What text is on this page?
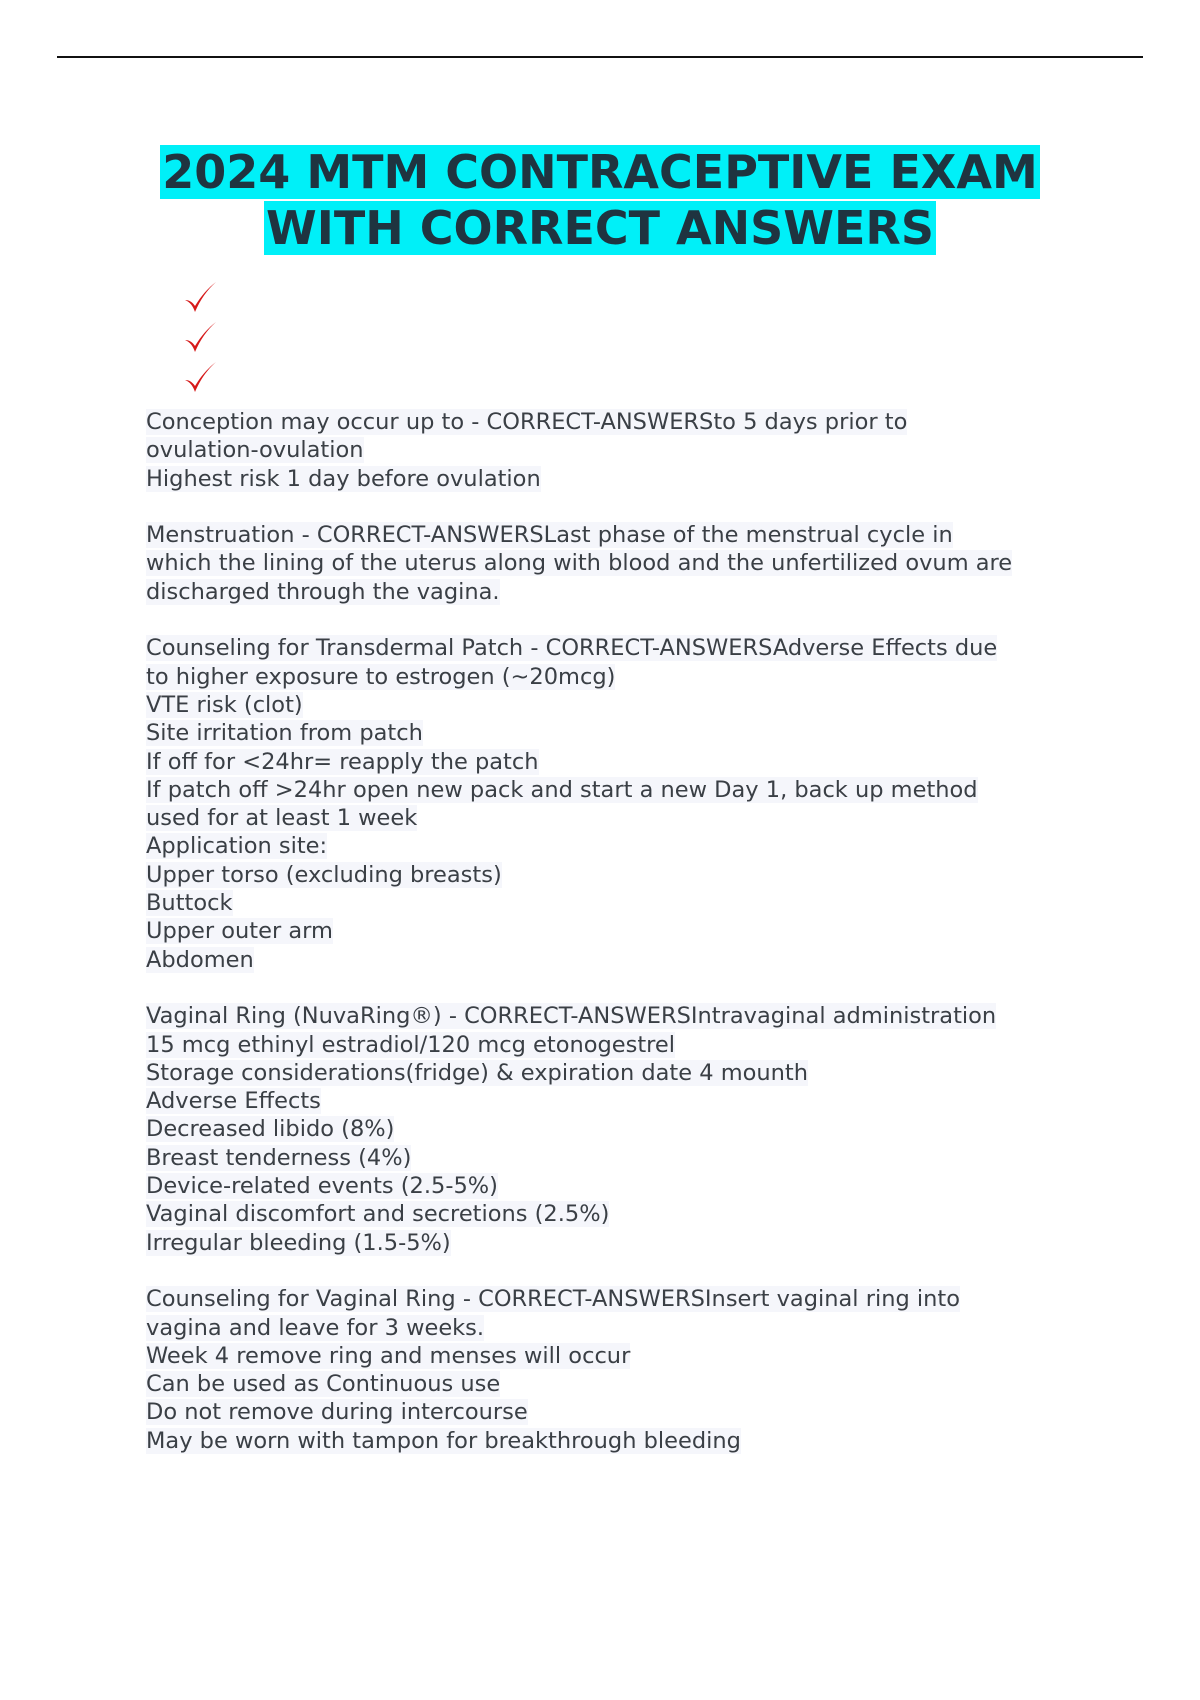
2024 MTM CONTRACEPTIVE EXAM
WITH CORRECT ANSWERS
Conception may occur up to - CORRECT-ANSWERSto 5 days prior to
ovulation-ovulation
Highest risk 1 day before ovulation
Menstruation - CORRECT-ANSWERSLast phase of the menstrual cycle in
which the lining of the uterus along with blood and the unfertilized ovum are
discharged through the vagina.
Counseling for Transdermal Patch - CORRECT-ANSWERSAdverse Effects due
to higher exposure to estrogen (~20mcg)
VTE risk (clot)
Site irritation from patch
If off for <24hr= reapply the patch
If patch off >24hr open new pack and start a new Day 1, back up method
used for at least 1 week
Application site:
Upper torso (excluding breasts)
Buttock
Upper outer arm
Abdomen
Vaginal Ring (NuvaRing®) - CORRECT-ANSWERSIntravaginal administration
15 mcg ethinyl estradiol/120 mcg etonogestrel
Storage considerations(fridge) & expiration date 4 mounth
Adverse Effects
Decreased libido (8%)
Breast tenderness (4%)
Device-related events (2.5-5%)
Vaginal discomfort and secretions (2.5%)
Irregular bleeding (1.5-5%)
Counseling for Vaginal Ring - CORRECT-ANSWERSInsert vaginal ring into
vagina and leave for 3 weeks.
Week 4 remove ring and menses will occur
Can be used as Continuous use
Do not remove during intercourse
May be worn with tampon for breakthrough bleeding
